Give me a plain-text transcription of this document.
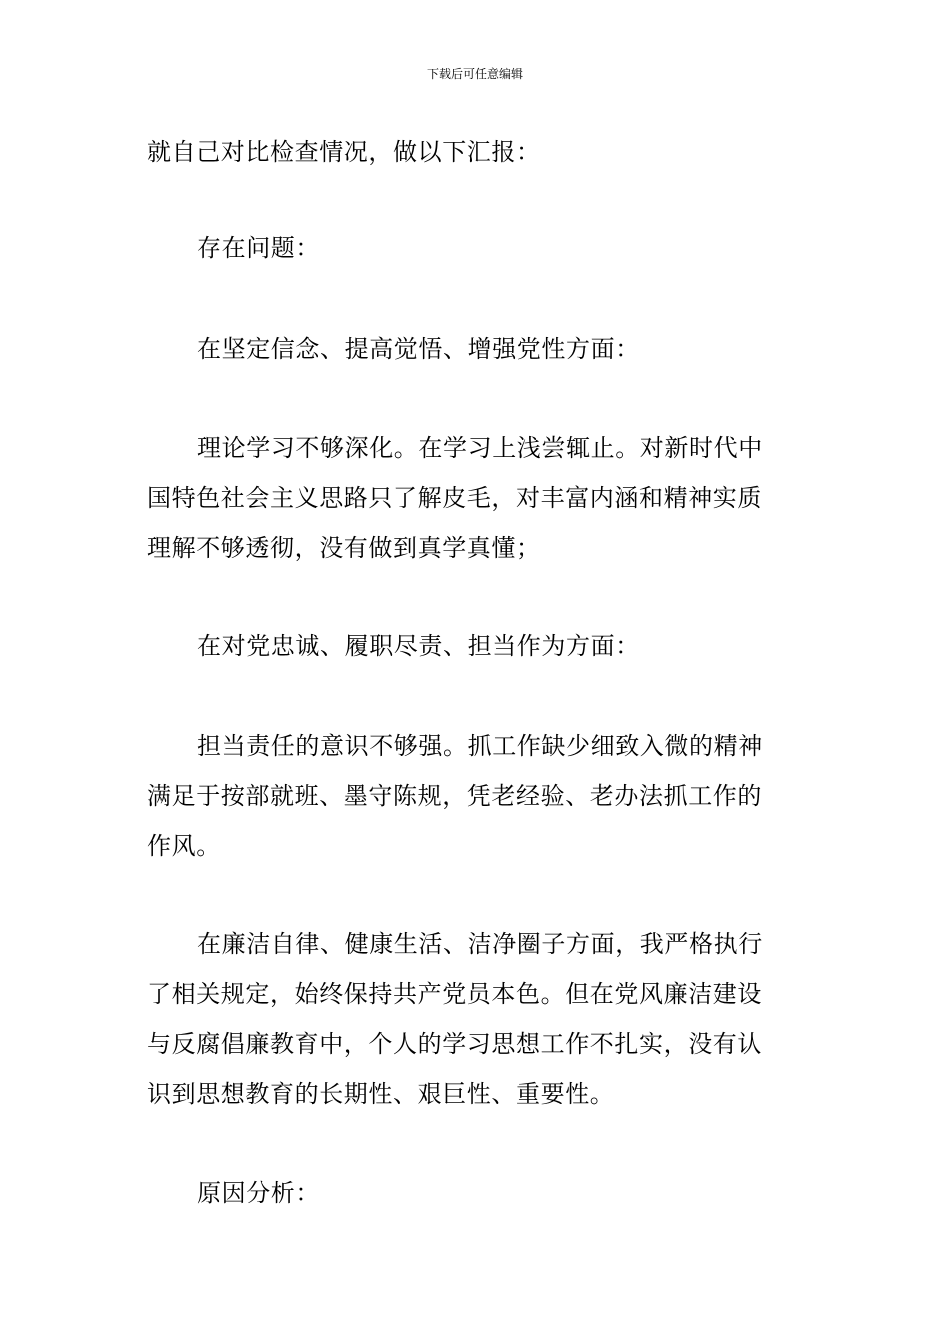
下载后可任意编辑

就自己对比检查情况，做以下汇报：

存在问题：

在坚定信念、提高觉悟、增强党性方面：

理论学习不够深化。在学习上浅尝辄止。对新时代中
国特色社会主义思路只了解皮毛，对丰富内涵和精神实质
理解不够透彻，没有做到真学真懂；

在对党忠诚、履职尽责、担当作为方面：

担当责任的意识不够强。抓工作缺少细致入微的精神
满足于按部就班、墨守陈规，凭老经验、老办法抓工作的
作风。

在廉洁自律、健康生活、洁净圈子方面，我严格执行
了相关规定，始终保持共产党员本色。但在党风廉洁建设
与反腐倡廉教育中，个人的学习思想工作不扎实，没有认
识到思想教育的长期性、艰巨性、重要性。

原因分析：
